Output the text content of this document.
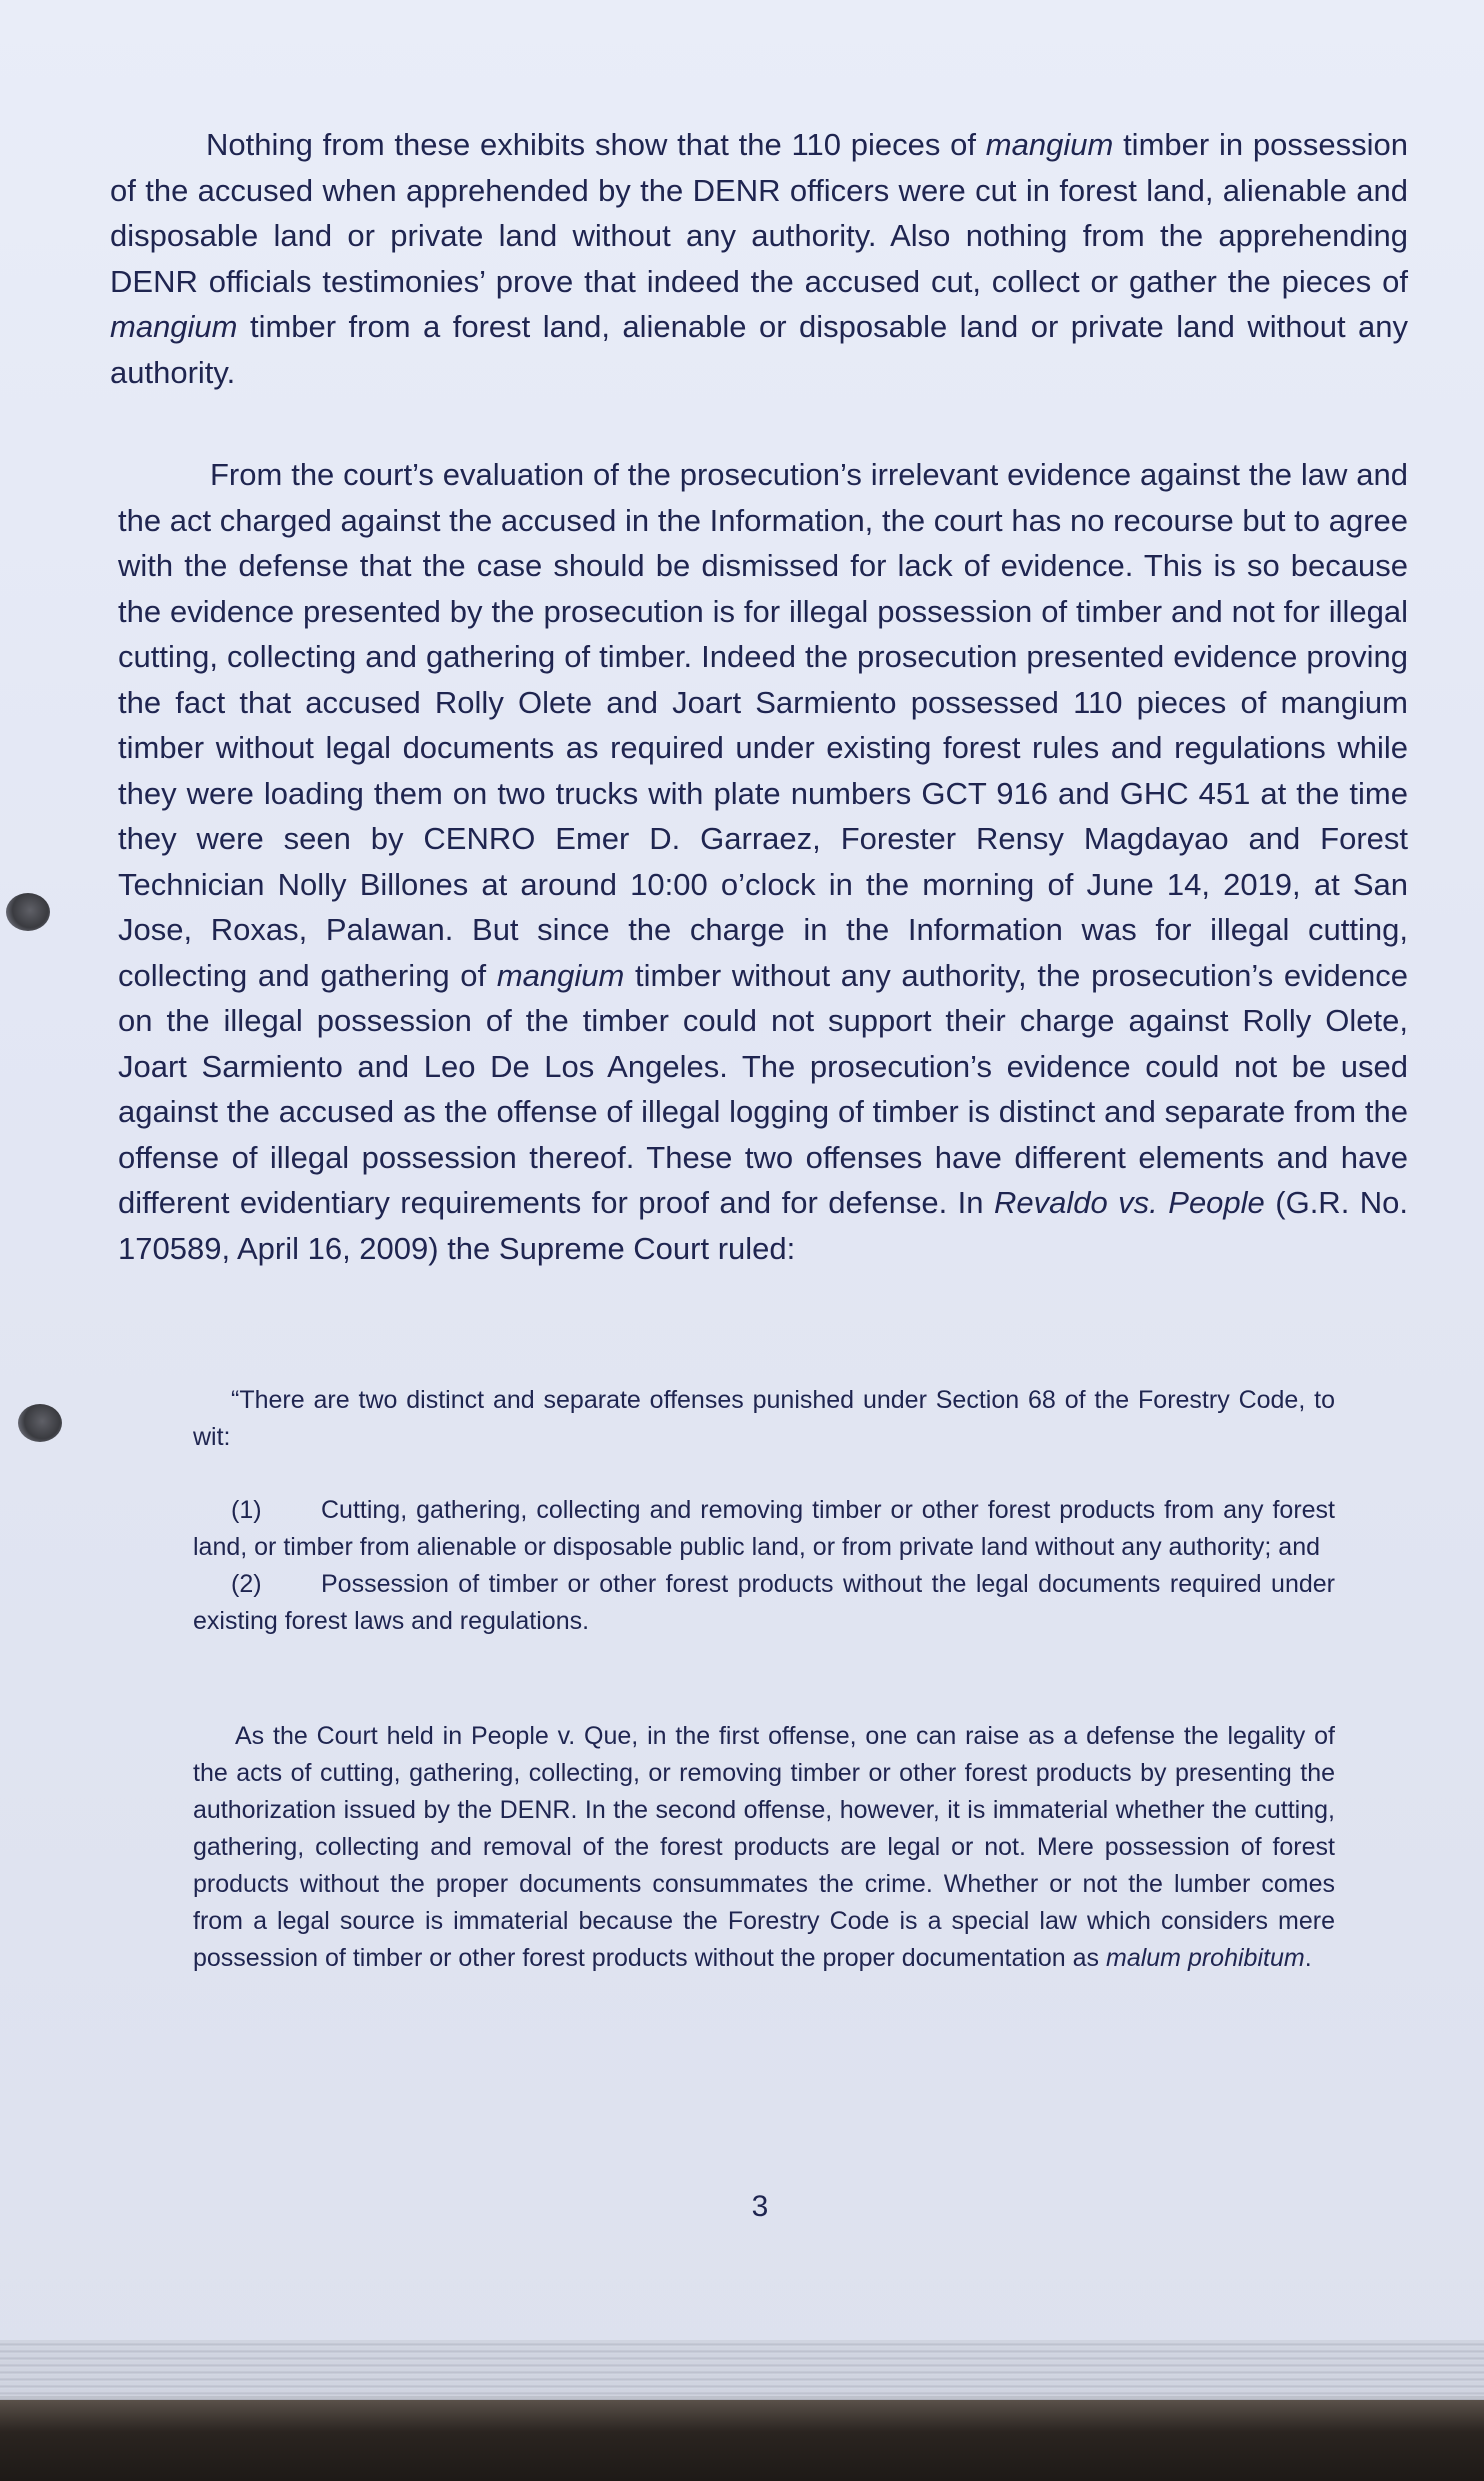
Nothing from these exhibits show that the 110 pieces of mangium timber in possession of the accused when apprehended by the DENR officers were cut in forest land, alienable and disposable land or private land without any authority. Also nothing from the apprehending DENR officials testimonies’ prove that indeed the accused cut, collect or gather the pieces of mangium timber from a forest land, alienable or disposable land or private land without any authority.

From the court’s evaluation of the prosecution’s irrelevant evidence against the law and the act charged against the accused in the Information, the court has no recourse but to agree with the defense that the case should be dismissed for lack of evidence. This is so because the evidence presented by the prosecution is for illegal possession of timber and not for illegal cutting, collecting and gathering of timber. Indeed the prosecution presented evidence proving the fact that accused Rolly Olete and Joart Sarmiento possessed 110 pieces of mangium timber without legal documents as required under existing forest rules and regulations while they were loading them on two trucks with plate numbers GCT 916 and GHC 451 at the time they were seen by CENRO Emer D. Garraez, Forester Rensy Magdayao and Forest Technician Nolly Billones at around 10:00 o’clock in the morning of June 14, 2019, at San Jose, Roxas, Palawan. But since the charge in the Information was for illegal cutting, collecting and gathering of mangium timber without any authority, the prosecution’s evidence on the illegal possession of the timber could not support their charge against Rolly Olete, Joart Sarmiento and Leo De Los Angeles. The prosecution’s evidence could not be used against the accused as the offense of illegal logging of timber is distinct and separate from the offense of illegal possession thereof. These two offenses have different elements and have different evidentiary requirements for proof and for defense. In Revaldo vs. People (G.R. No. 170589, April 16, 2009) the Supreme Court ruled:

“There are two distinct and separate offenses punished under Section 68 of the Forestry Code, to wit:

(1) Cutting, gathering, collecting and removing timber or other forest products from any forest land, or timber from alienable or disposable public land, or from private land without any authority; and

(2) Possession of timber or other forest products without the legal documents required under existing forest laws and regulations.

As the Court held in People v. Que, in the first offense, one can raise as a defense the legality of the acts of cutting, gathering, collecting, or removing timber or other forest products by presenting the authorization issued by the DENR. In the second offense, however, it is immaterial whether the cutting, gathering, collecting and removal of the forest products are legal or not. Mere possession of forest products without the proper documents consummates the crime. Whether or not the lumber comes from a legal source is immaterial because the Forestry Code is a special law which considers mere possession of timber or other forest products without the proper documentation as malum prohibitum.

3
